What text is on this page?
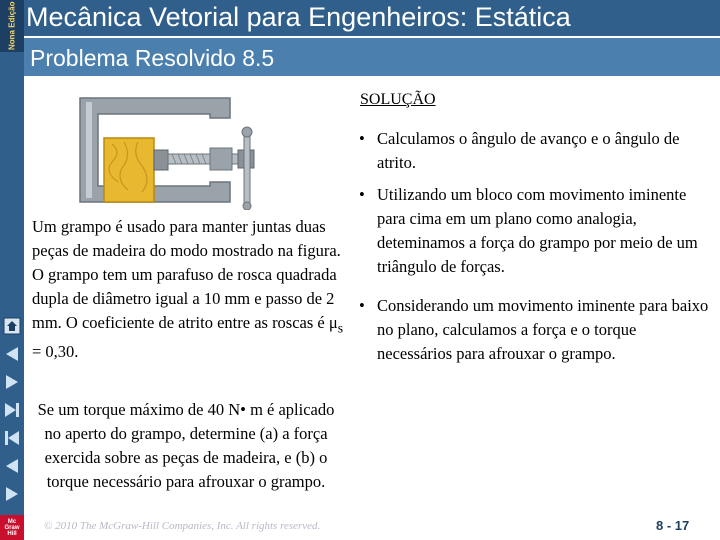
Nona Edição Mecânica Vetorial para Engenheiros: Estática
Problema Resolvido 8.5
Mc
Graw
Hill
SOLUÇÃO
• Calculamos o ângulo de avanço e o ângulo de atrito.
• Utilizando um bloco com movimento iminente para cima em um plano como analogia, deteminamos a força do grampo por meio de um triângulo de forças.
• Considerando um movimento iminente para baixo no plano, calculamos a força e o torque necessários para afrouxar o grampo.
Um grampo é usado para manter juntas duas peças de madeira do modo mostrado na figura. O grampo tem um parafuso de rosca quadrada dupla de diâmetro igual a 10 mm e passo de 2 mm. O coeficiente de atrito entre as roscas é $\mu_s = 0,30$.
Se um torque máximo de 40 N• m é aplicado no aperto do grampo, determine (a) a força exercida sobre as peças de madeira, e (b) o torque necessário para afrouxar o grampo.
© 2010 The McGraw-Hill Companies, Inc. All rights reserved.	8 - 17
